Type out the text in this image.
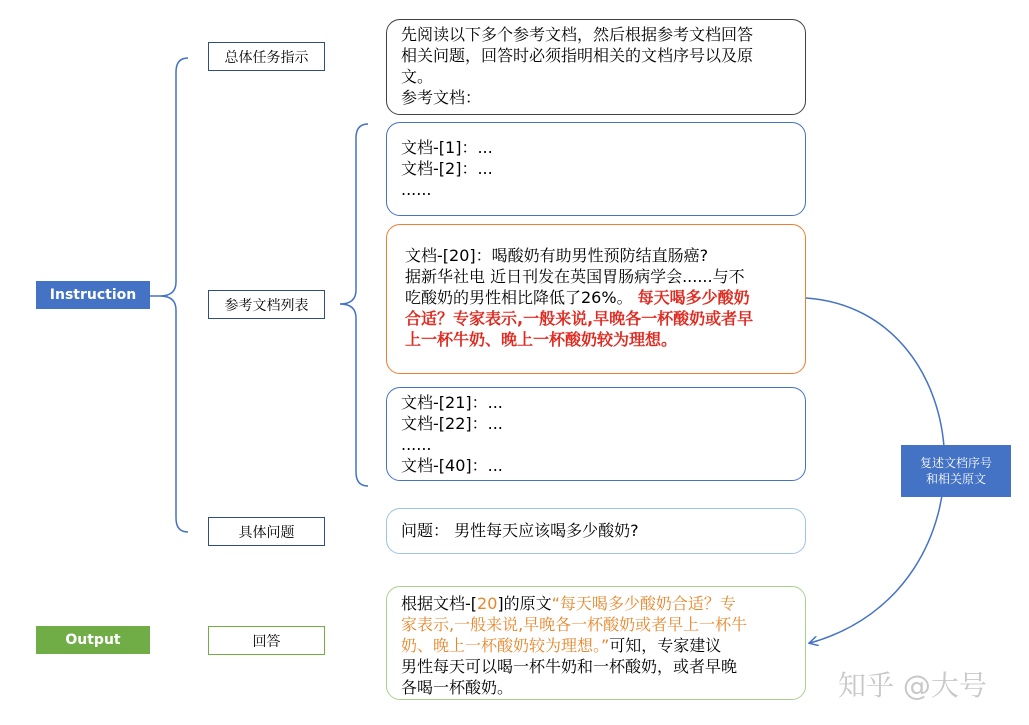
Instruction
Output
总体任务指示
参考文档列表
具体问题
回答
先阅读以下多个参考文档，然后根据参考文档回答
相关问题，回答时必须指明相关的文档序号以及原
文。
参考文档：
文档-[1]：...
文档-[2]：...
......
文档-[20]：喝酸奶有助男性预防结直肠癌?
据新华社电 近日刊发在英国胃肠病学会......与不
吃酸奶的男性相比降低了26%。 每天喝多少酸奶
合适？专家表示,一般来说,早晚各一杯酸奶或者早
上一杯牛奶、晚上一杯酸奶较为理想。
文档-[21]：...
文档-[22]：...
......
文档-[40]：...
问题： 男性每天应该喝多少酸奶?
根据文档-[20]的原文“每天喝多少酸奶合适？专
家表示,一般来说,早晚各一杯酸奶或者早上一杯牛
奶、晚上一杯酸奶较为理想。”可知，专家建议
男性每天可以喝一杯牛奶和一杯酸奶，或者早晚
各喝一杯酸奶。
复述文档序号
和相关原文
知乎 @大号
